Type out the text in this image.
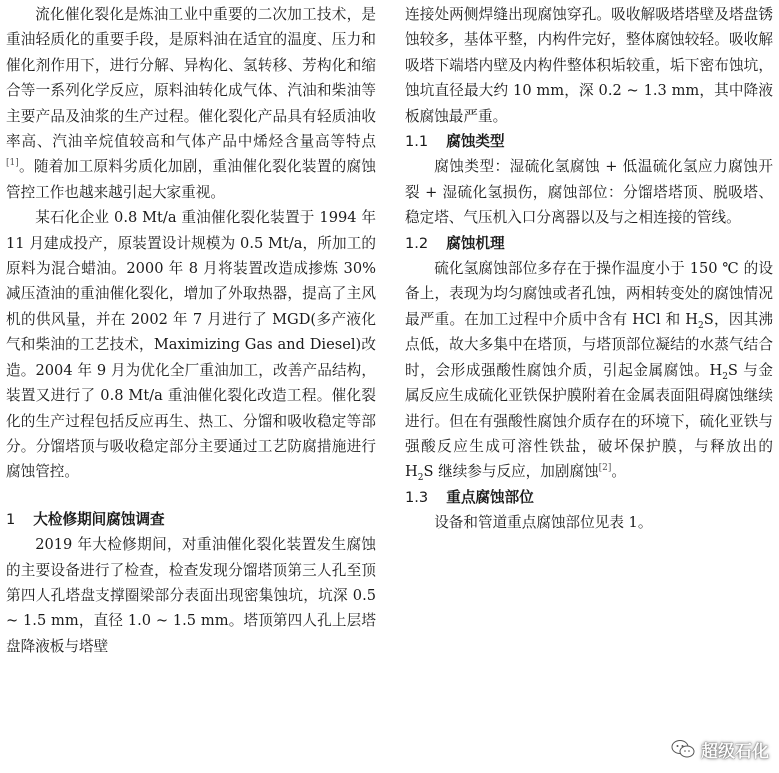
流化催化裂化是炼油工业中重要的二次加工技术，是重油轻质化的重要手段，是原料油在适宜的温度、压力和催化剂作用下，进行分解、异构化、氢转移、芳构化和缩合等一系列化学反应，原料油转化成气体、汽油和柴油等主要产品及油浆的生产过程。催化裂化产品具有轻质油收率高、汽油辛烷值较高和气体产品中烯烃含量高等特点[1]。随着加工原料劣质化加剧，重油催化裂化装置的腐蚀管控工作也越来越引起大家重视。

某石化企业 0.8 Mt/a 重油催化裂化装置于 1994 年 11 月建成投产，原装置设计规模为 0.5 Mt/a，所加工的原料为混合蜡油。2000 年 8 月将装置改造成掺炼 30% 减压渣油的重油催化裂化，增加了外取热器，提高了主风机的供风量，并在 2002 年 7 月进行了 MGD(多产液化气和柴油的工艺技术，Maximizing Gas and Diesel)改造。2004 年 9 月为优化全厂重油加工，改善产品结构，装置又进行了 0.8 Mt/a 重油催化裂化改造工程。催化裂化的生产过程包括反应再生、热工、分馏和吸收稳定等部分。分馏塔顶与吸收稳定部分主要通过工艺防腐措施进行腐蚀管控。

1 大检修期间腐蚀调查

2019 年大检修期间，对重油催化裂化装置发生腐蚀的主要设备进行了检查，检查发现分馏塔顶第三人孔至顶第四人孔塔盘支撑圈梁部分表面出现密集蚀坑，坑深 0.5 ~ 1.5 mm，直径 1.0 ~ 1.5 mm。塔顶第四人孔上层塔盘降液板与塔壁

连接处两侧焊缝出现腐蚀穿孔。吸收解吸塔塔壁及塔盘锈蚀较多，基体平整，内构件完好，整体腐蚀较轻。吸收解吸塔下端塔内壁及内构件整体积垢较重，垢下密布蚀坑，蚀坑直径最大约 10 mm，深 0.2 ~ 1.3 mm，其中降液板腐蚀最严重。

1.1 腐蚀类型

腐蚀类型：湿硫化氢腐蚀 + 低温硫化氢应力腐蚀开裂 + 湿硫化氢损伤，腐蚀部位：分馏塔塔顶、脱吸塔、稳定塔、气压机入口分离器以及与之相连接的管线。

1.2 腐蚀机理

硫化氢腐蚀部位多存在于操作温度小于 150 ℃ 的设备上，表现为均匀腐蚀或者孔蚀，两相转变处的腐蚀情况最严重。在加工过程中介质中含有 HCl 和 $H_2S$，因其沸点低，故大多集中在塔顶，与塔顶部位凝结的水蒸气结合时，会形成强酸性腐蚀介质，引起金属腐蚀。$H_2S$ 与金属反应生成硫化亚铁保护膜附着在金属表面阻碍腐蚀继续进行。但在有强酸性腐蚀介质存在的环境下，硫化亚铁与强酸反应生成可溶性铁盐，破坏保护膜，与释放出的 $H_2S$ 继续参与反应，加剧腐蚀[2]。

1.3 重点腐蚀部位

设备和管道重点腐蚀部位见表 1。

超级石化
